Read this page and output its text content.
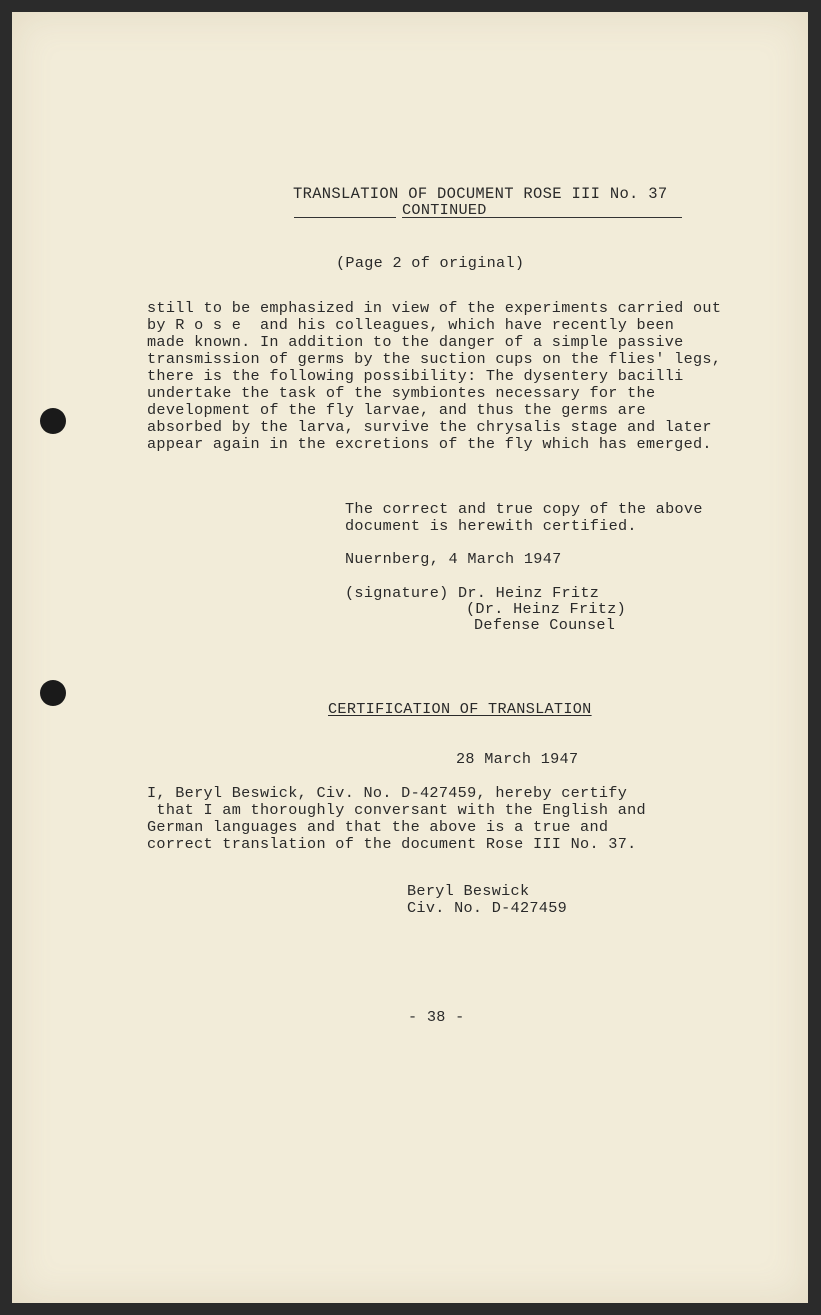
TRANSLATION OF DOCUMENT ROSE III No. 37
CONTINUED
(Page 2 of original)
still to be emphasized in view of the experiments carried out
by R o s e  and his colleagues, which have recently been
made known. In addition to the danger of a simple passive
transmission of germs by the suction cups on the flies' legs,
there is the following possibility: The dysentery bacilli
undertake the task of the symbiontes necessary for the
development of the fly larvae, and thus the germs are
absorbed by the larva, survive the chrysalis stage and later
appear again in the excretions of the fly which has emerged.
The correct and true copy of the above
document is herewith certified.
Nuernberg, 4 March 1947
(signature) Dr. Heinz Fritz
(Dr. Heinz Fritz)
Defense Counsel
CERTIFICATION OF TRANSLATION
28 March 1947
I, Beryl Beswick, Civ. No. D-427459, hereby certify
that I am thoroughly conversant with the English and
German languages and that the above is a true and
correct translation of the document Rose III No. 37.
Beryl Beswick
Civ. No. D-427459
- 38 -
